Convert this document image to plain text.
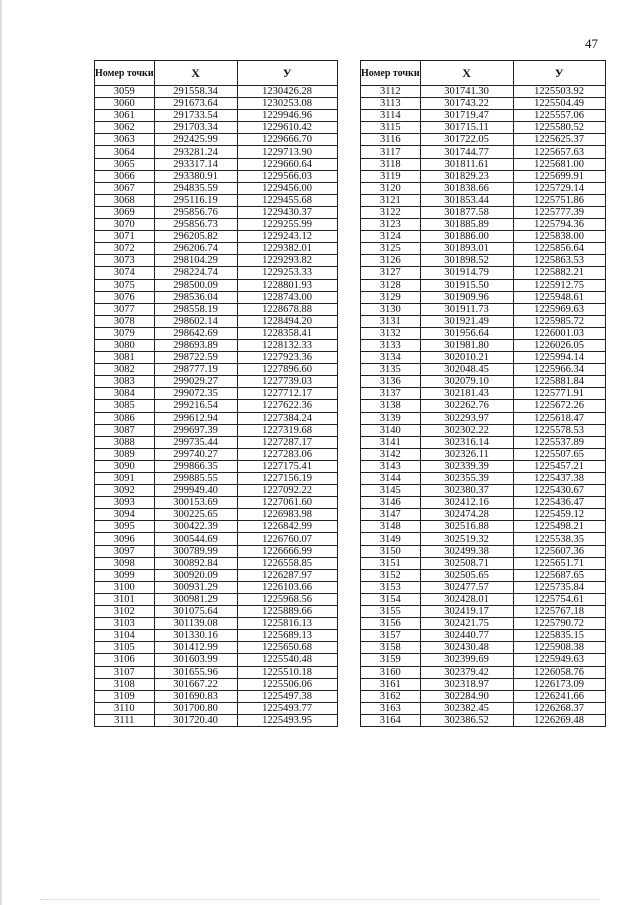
47
Номер точки	X	У
3059	291558.34	1230426.28
3060	291673.64	1230253.08
3061	291733.54	1229946.96
3062	291703.34	1229610.42
3063	292425.99	1229666.70
3064	293281.24	1229713.90
3065	293317.14	1229660.64
3066	293380.91	1229566.03
3067	294835.59	1229456.00
3068	295116.19	1229455.68
3069	295856.76	1229430.37
3070	295856.73	1229255.99
3071	296205.82	1229243.12
3072	296206.74	1229382.01
3073	298104.29	1229293.82
3074	298224.74	1229253.33
3075	298500.09	1228801.93
3076	298536.04	1228743.00
3077	298558.19	1228678.88
3078	298602.14	1228494.20
3079	298642.69	1228358.41
3080	298693.89	1228132.33
3081	298722.59	1227923.36
3082	298777.19	1227896.60
3083	299029.27	1227739.03
3084	299072.35	1227712.17
3085	299216.54	1227622.36
3086	299612.94	1227384.24
3087	299697.39	1227319.68
3088	299735.44	1227287.17
3089	299740.27	1227283.06
3090	299866.35	1227175.41
3091	299885.55	1227156.19
3092	299949.40	1227092.22
3093	300153.69	1227061.60
3094	300225.65	1226983.98
3095	300422.39	1226842.99
3096	300544.69	1226760.07
3097	300789.99	1226666.99
3098	300892.84	1226558.85
3099	300920.09	1226287.97
3100	300931.29	1226103.66
3101	300981.29	1225968.56
3102	301075.64	1225889.66
3103	301139.08	1225816.13
3104	301330.16	1225689.13
3105	301412.99	1225650.68
3106	301603.99	1225540.48
3107	301655.96	1225510.18
3108	301667.22	1225506.06
3109	301690.83	1225497.38
3110	301700.80	1225493.77
3111	301720.40	1225493.95
Номер точки	X	У
3112	301741.30	1225503.92
3113	301743.22	1225504.49
3114	301719.47	1225557.06
3115	301715.11	1225580.52
3116	301722.05	1225625.37
3117	301744.77	1225657.63
3118	301811.61	1225681.00
3119	301829.23	1225699.91
3120	301838.66	1225729.14
3121	301853.44	1225751.86
3122	301877.58	1225777.39
3123	301885.89	1225794.36
3124	301886.00	1225838.00
3125	301893.01	1225856.64
3126	301898.52	1225863.53
3127	301914.79	1225882.21
3128	301915.50	1225912.75
3129	301909.96	1225948.61
3130	301911.73	1225969.63
3131	301921.49	1225985.72
3132	301956.64	1226001.03
3133	301981.80	1226026.05
3134	302010.21	1225994.14
3135	302048.45	1225966.34
3136	302079.10	1225881.84
3137	302181.43	1225771.91
3138	302262.76	1225672.26
3139	302293.97	1225618.47
3140	302302.22	1225578.53
3141	302316.14	1225537.89
3142	302326.11	1225507.65
3143	302339.39	1225457.21
3144	302355.39	1225437.38
3145	302380.37	1225430.67
3146	302412.16	1225436.47
3147	302474.28	1225459.12
3148	302516.88	1225498.21
3149	302519.32	1225538.35
3150	302499.38	1225607.36
3151	302508.71	1225651.71
3152	302505.65	1225687.65
3153	302477.57	1225735.84
3154	302428.01	1225754.61
3155	302419.17	1225767.18
3156	302421.75	1225790.72
3157	302440.77	1225835.15
3158	302430.48	1225908.38
3159	302399.69	1225949.63
3160	302379.42	1226058.76
3161	302318.97	1226173.09
3162	302284.90	1226241.66
3163	302382.45	1226268.37
3164	302386.52	1226269.48
